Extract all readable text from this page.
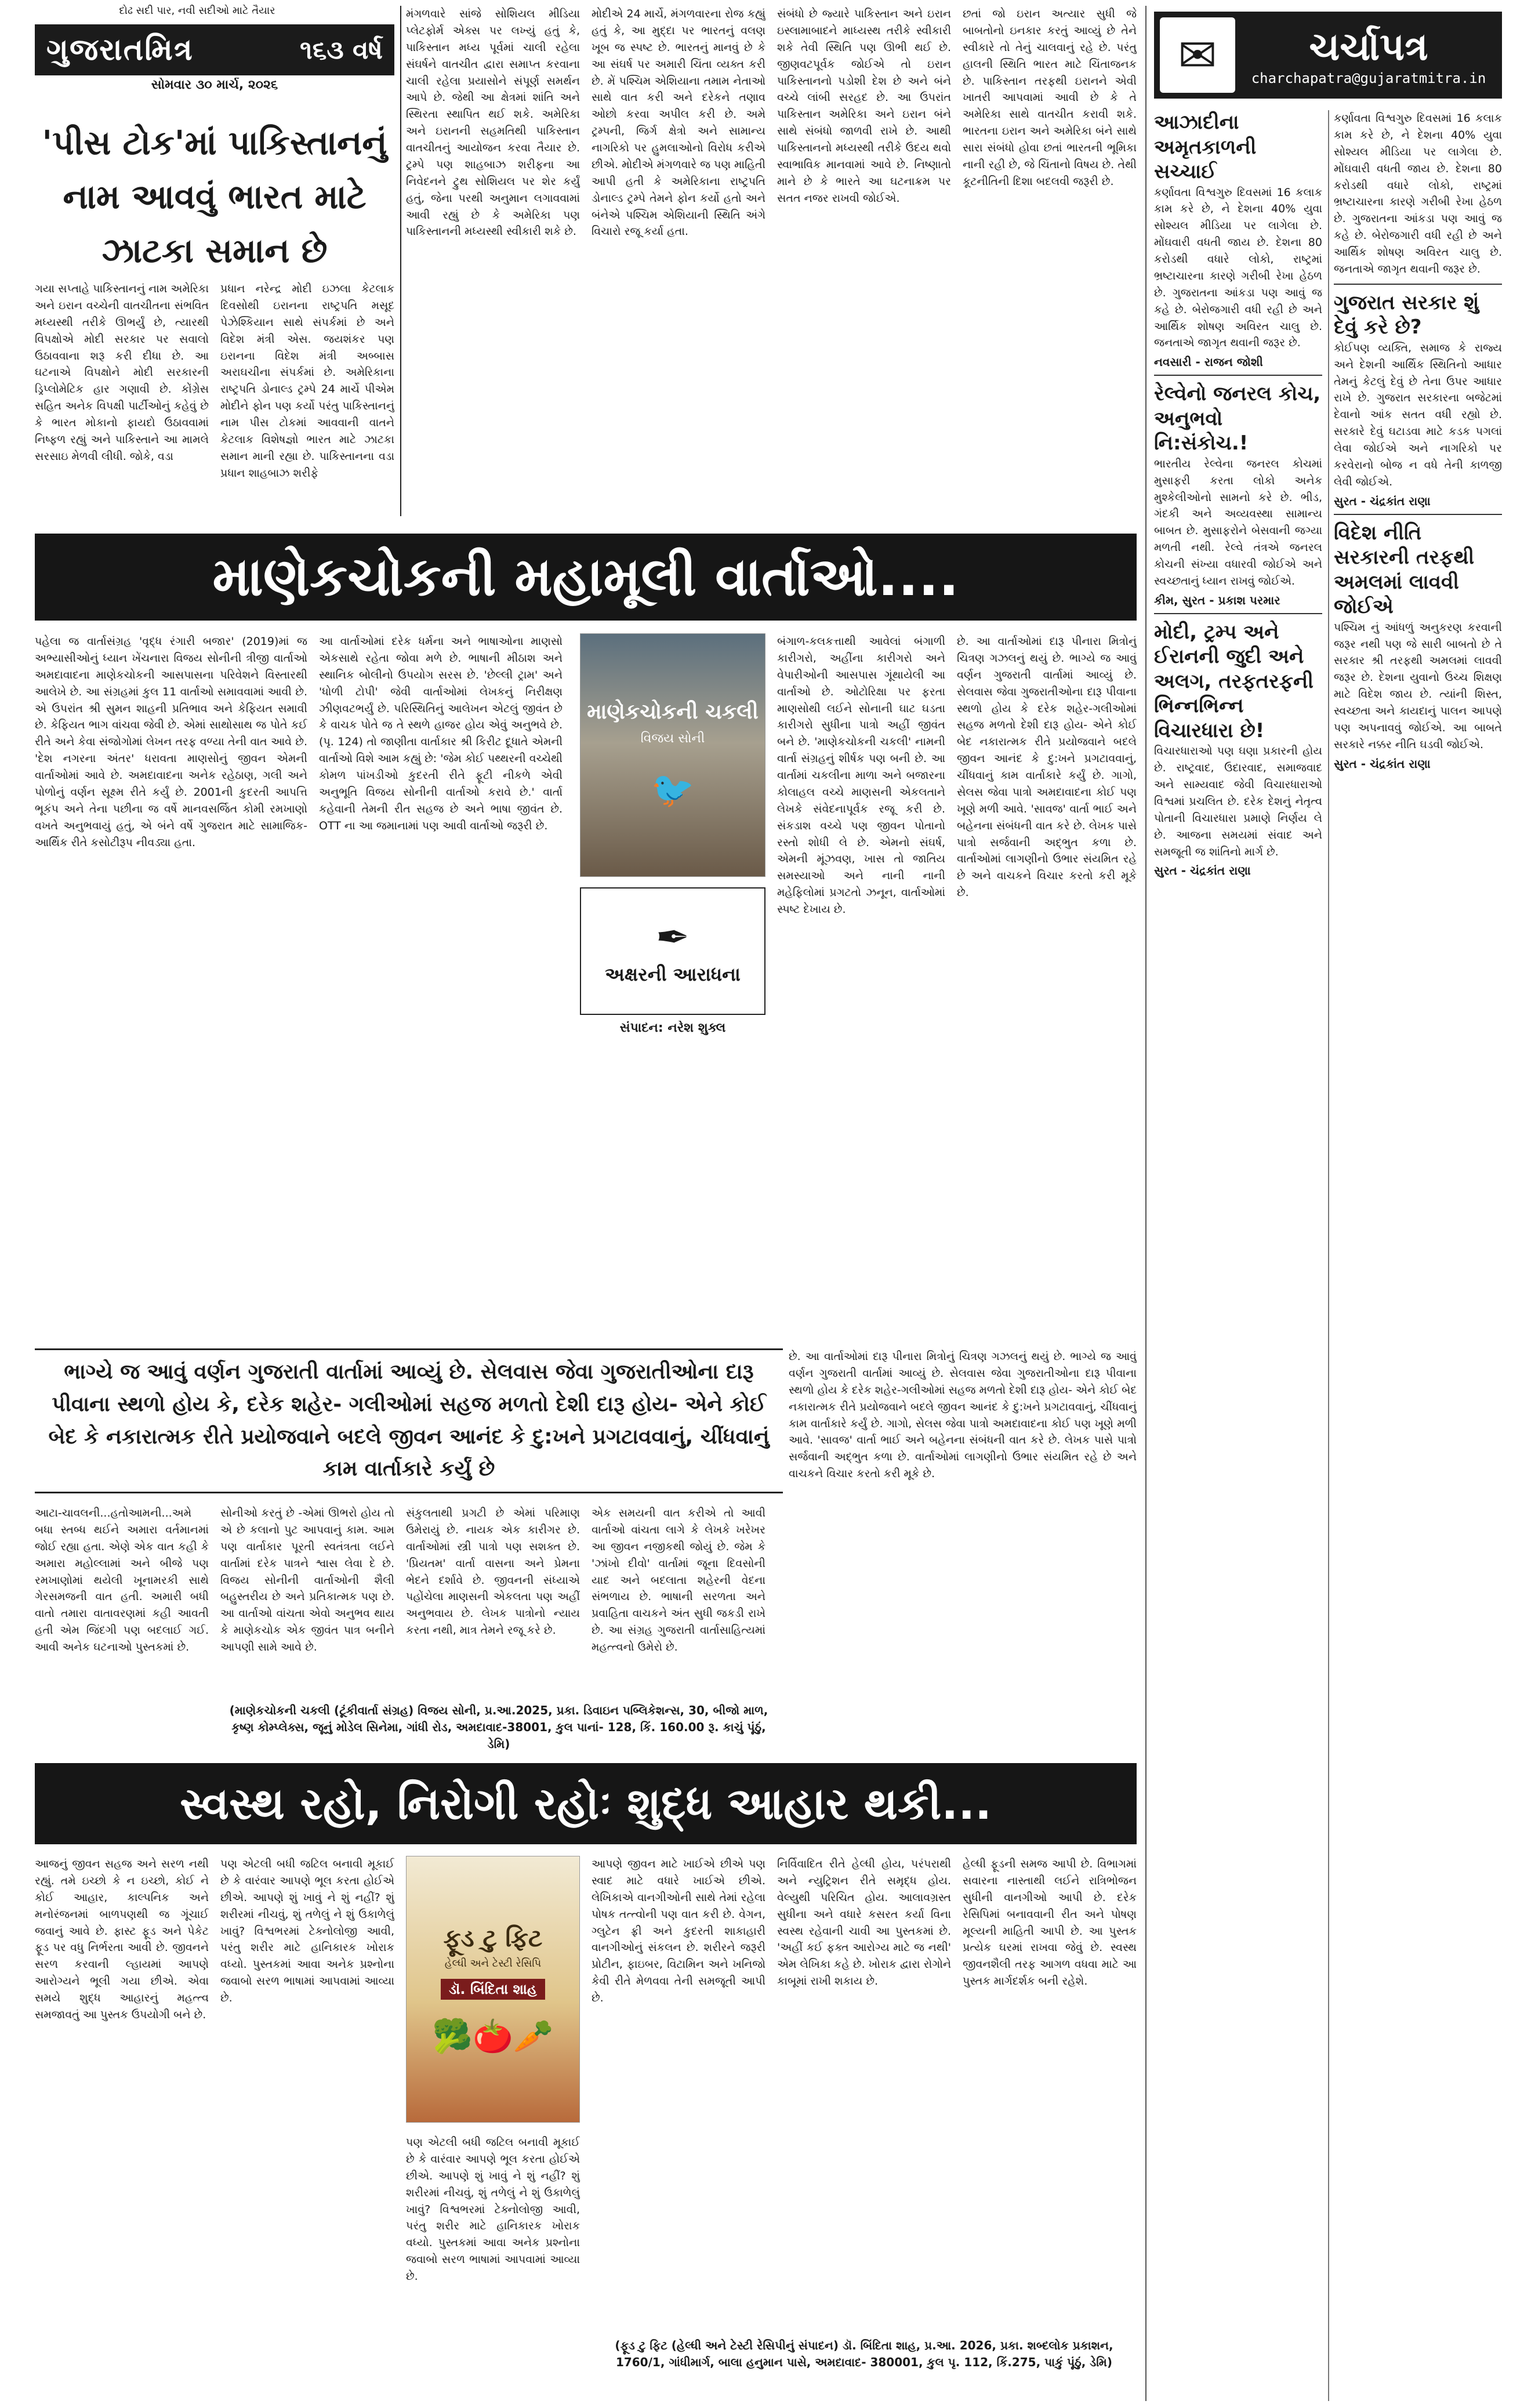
દોઢ સદી પાર, નવી સદીઓ માટે તૈયાર
ગુજરાતમિત્ર	૧૬૩ વર્ષ
સોમવાર ૩૦ માર્ચ, ૨૦૨૬
'પીસ ટોક'માં પાકિસ્તાનનું
નામ આવવું ભારત માટે
ઝાટકા સમાન છે
ગયા સપ્તાહે પાકિસ્તાનનું નામ અમેરિકા અને ઇરાન વચ્ચેની વાતચીતના સંભવિત મધ્યસ્થી તરીકે ઊભર્યું છે, ત્યારથી વિપક્ષોએ મોદી સરકાર પર સવાલો ઉઠાવવાના શરૂ કરી દીધા છે. આ ઘટનાએ વિપક્ષોને મોદી સરકારની ડ્રિપ્લોમેટિક હાર ગણાવી છે. કોંગ્રેસ સહિત અનેક વિપક્ષી પાર્ટીઓનું કહેવું છે કે ભારત મોકાનો ફાયદો ઉઠાવવામાં નિષ્ફળ રહ્યું અને પાકિસ્તાને આ મામલે સરસાઇ મેળવી લીધી. જોકે, વડા
પ્રધાન નરેન્દ્ર મોદી ઇઝલા કેટલાક દિવસોથી ઇરાનના રાષ્ટ્રપતિ મસૂદ પેઝેશ્કિયાન સાથે સંપર્કમાં છે અને વિદેશ મંત્રી એસ. જયશંકર પણ ઇરાનના વિદેશ મંત્રી અબ્બાસ અરાઘચીના સંપર્કમાં છે. અમેરિકાના રાષ્ટ્રપતિ ડોનાલ્ડ ટ્રમ્પે 24 માર્ચે પીએમ મોદીને ફોન પણ કર્યો પરંતુ પાકિસ્તાનનું નામ પીસ ટોકમાં આવવાની વાતને કેટલાક વિશેષજ્ઞો ભારત માટે ઝાટકા સમાન માની રહ્યા છે. પાકિસ્તાનના વડા પ્રધાન શાહબાઝ શરીફે
મંગળવારે સાંજે સોશિયલ મીડિયા પ્લેટફોર્મ એક્સ પર લખ્યું હતું કે, પાકિસ્તાન મધ્ય પૂર્વમાં ચાલી રહેલા સંઘર્ષને વાતચીત દ્વારા સમાપ્ત કરવાના ચાલી રહેલા પ્રયાસોને સંપૂર્ણ સમર્થન આપે છે. જેથી આ ક્ષેત્રમાં શાંતિ અને સ્થિરતા સ્થાપિત થઈ શકે. અમેરિકા અને ઇરાનની સહમતિથી પાકિસ્તાન વાતચીતનું આયોજન કરવા તૈયાર છે. ટ્રમ્પે પણ શાહબાઝ શરીફના આ નિવેદનને ટ્રુથ સોશિયલ પર શેર કર્યું હતું, જેના પરથી અનુમાન લગાવવામાં આવી રહ્યું છે કે અમેરિકા પણ પાકિસ્તાનની મધ્યસ્થી સ્વીકારી શકે છે.
મોદીએ 24 માર્ચે, મંગળવારના રોજ કહ્યું હતું કે, આ મુદ્દા પર ભારતનું વલણ ખૂબ જ સ્પષ્ટ છે. ભારતનું માનવું છે કે આ સંઘર્ષ પર અમારી ચિંતા વ્યક્ત કરી છે. મેં પશ્ચિમ એશિયાના તમામ નેતાઓ સાથે વાત કરી અને દરેકને તણાવ ઓછો કરવા અપીલ કરી છે. અમે ટ્રમ્પની, જિર્ગ ક્ષેત્રો અને સામાન્ય નાગરિકો પર હુમલાઓનો વિરોધ કરીએ છીએ. મોદીએ મંગળવારે જ પણ માહિતી આપી હતી કે અમેરિકાના રાષ્ટ્રપતિ ડોનાલ્ડ ટ્રમ્પે તેમને ફોન કર્યો હતો અને બંનેએ પશ્ચિમ એશિયાની સ્થિતિ અંગે વિચારો રજૂ કર્યા હતા.
સંબંધો છે જ્યારે પાકિસ્તાન અને ઇરાન ઇસ્લામાબાદને માધ્યસ્થ તરીકે સ્વીકારી શકે તેવી સ્થિતિ પણ ઊભી થઈ છે. જીણવટપૂર્વક જોઈએ તો ઇરાન પાકિસ્તાનનો પડોશી દેશ છે અને બંને વચ્ચે લાંબી સરહદ છે. આ ઉપરાંત પાકિસ્તાન અમેરિકા અને ઇરાન બંને સાથે સંબંધો જાળવી રાખે છે. આથી પાકિસ્તાનનો મધ્યસ્થી તરીકે ઉદય થવો સ્વાભાવિક માનવામાં આવે છે. નિષ્ણાતો માને છે કે ભારતે આ ઘટનાક્રમ પર સતત નજર રાખવી જોઈએ.
છતાં જો ઇરાન અત્યાર સુધી જે બાબતોનો ઇનકાર કરતું આવ્યું છે તેને સ્વીકારે તો તેનું ચાલવાનું રહે છે. પરંતુ હાલની સ્થિતિ ભારત માટે ચિંતાજનક છે. પાકિસ્તાન તરફથી ઇરાનને એવી ખાતરી આપવામાં આવી છે કે તે અમેરિકા સાથે વાતચીત કરાવી શકે. ભારતના ઇરાન અને અમેરિકા બંને સાથે સારા સંબંધો હોવા છતાં ભારતની ભૂમિકા નાની રહી છે, જે ચિંતાનો વિષય છે. તેથી કૂટનીતિની દિશા બદલવી જરૂરી છે.
માણેકચોકની મહામૂલી વાર્તાઓ....
પહેલા જ વાર્તાસંગ્રહ 'વૃદ્ધ રંગારી બજાર' (2019)માં જ અભ્યાસીઓનું ધ્યાન ખેંચનારા વિજય સોનીની ત્રીજી વાર્તાઓ અમદાવાદના માણેકચોકની આસપાસના પરિવેશને વિસ્તારથી આલેખે છે. આ સંગ્રહમાં કુલ 11 વાર્તાઓ સમાવવામાં આવી છે. એ ઉપરાંત શ્રી સુમન શાહની પ્રતિભાવ અને કેફિયત સમાવી છે. કેફિયત ભાગ વાંચવા જેવી છે. એમાં સાથોસાથ જ પોતે કઈ રીતે અને કેવા સંજોગોમાં લેખન તરફ વળ્યા તેની વાત આવે છે. 'દેશ નગરના અંતર' ધરાવતા માણસોનું જીવન એમની વાર્તાઓમાં આવે છે. અમદાવાદના અનેક રહેઠાણ, ગલી અને પોળોનું વર્ણન સૂક્ષ્મ રીતે કર્યું છે. 2001ની કુદરતી આપત્તિ ભૂકંપ અને તેના પછીના જ વર્ષે માનવસર્જિત કોમી રમખાણો વખતે અનુભવાયું હતું, એ બંને વર્ષે ગુજરાત માટે સામાજિક-આર્થિક રીતે કસોટીરૂપ નીવડ્યા હતા.
આ વાર્તાઓમાં દરેક ધર્મના અને ભાષાઓના માણસો એકસાથે રહેતા જોવા મળે છે. ભાષાની મીઠાશ અને સ્થાનિક બોલીનો ઉપયોગ સરસ છે. 'છેલ્લી ટ્રામ' અને 'ધોળી ટોપી' જેવી વાર્તાઓમાં લેખકનું નિરીક્ષણ ઝીણવટભર્યું છે. પરિસ્થિતિનું આલેખન એટલું જીવંત છે કે વાચક પોતે જ તે સ્થળે હાજર હોય એવું અનુભવે છે. (પૃ. 124) તો જાણીતા વાર્તાકાર શ્રી કિરીટ દૂધાતે એમની વાર્તાઓ વિશે આમ કહ્યું છે: 'જેમ કોઈ પથ્થરની વચ્ચેથી કોમળ પાંખડીઓ કુદરતી રીતે ફૂટી નીકળે એવી અનુભૂતિ વિજય સોનીની વાર્તાઓ કરાવે છે.' વાર્તા કહેવાની તેમની રીત સહજ છે અને ભાષા જીવંત છે. OTT ના આ જમાનામાં પણ આવી વાર્તાઓ જરૂરી છે.
બંગાળ-કલકત્તાથી આવેલાં બંગાળી કારીગરો, અહીંના કારીગરો અને વેપારીઓની આસપાસ ગૂંથાયેલી આ વાર્તાઓ છે. ઓટોરિક્ષા પર ફરતા માણસોથી લઈને સોનાની ઘાટ ઘડતા કારીગરો સુધીના પાત્રો અહીં જીવંત બને છે. 'માણેકચોકની ચકલી' નામની વાર્તા સંગ્રહનું શીર્ષક પણ બની છે. આ વાર્તામાં ચકલીના માળા અને બજારના કોલાહલ વચ્ચે માણસની એકલતાને લેખકે સંવેદનાપૂર્વક રજૂ કરી છે. સંકડાશ વચ્ચે પણ જીવન પોતાનો રસ્તો શોધી લે છે. એમનો સંઘર્ષ, એમની મૂંઝવણ, ખાસ તો જાતિય સમસ્યાઓ અને નાની નાની મહેફિલોમાં પ્રગટતો ઝનૂન, વાર્તાઓમાં સ્પષ્ટ દેખાય છે.
છે. આ વાર્તાઓમાં દારૂ પીનારા મિત્રોનું ચિત્રણ ગઝલનું થયું છે. ભાગ્યે જ આવું વર્ણન ગુજરાતી વાર્તામાં આવ્યું છે. સેલવાસ જેવા ગુજરાતીઓના દારૂ પીવાના સ્થળો હોય કે દરેક શહેર-ગલીઓમાં સહજ મળતો દેશી દારૂ હોય- એને કોઈ બેદ નકારાત્મક રીતે પ્રયોજવાને બદલે જીવન આનંદ કે દુ:ખને પ્રગટાવવાનું, ચીંધવાનું કામ વાર્તાકારે કર્યું છે. ગાગો, સેલસ જેવા પાત્રો અમદાવાદના કોઈ પણ ખૂણે મળી આવે. 'સાવજ' વાર્તા ભાઈ અને બહેનના સંબંધની વાત કરે છે. લેખક પાસે પાત્રો સર્જવાની અદ્ભુત કળા છે. વાર્તાઓમાં લાગણીનો ઉભાર સંયમિત રહે છે અને વાચકને વિચાર કરતો કરી મૂકે છે.
માણેકચોકની ચકલી
વિજય સોની
🐦
✒
અક્ષરની આરાધના
સંપાદન: નરેશ શુક્લ
ભાગ્યે જ આવું વર્ણન ગુજરાતી વાર્તામાં આવ્યું છે. સેલવાસ જેવા ગુજરાતીઓના દારૂ પીવાના સ્થળો હોય કે, દરેક શહેર- ગલીઓમાં સહજ મળતો દેશી દારૂ હોય- એને કોઈ બેદ કે નકારાત્મક રીતે પ્રયોજવાને બદલે જીવન આનંદ કે દુ:ખને પ્રગટાવવાનું, ચીંધવાનું કામ વાર્તાકારે કર્યું છે
આટા-ચાવલની...હતોઆમની...અમે બધા સ્તબ્ધ થઈને અમારા વર્તમાનમાં જોઈ રહ્યા હતા. એણે એક વાત કહી કે અમારા મહોલ્લામાં અને બીજે પણ રમખાણોમાં થયેલી ખૂનામરકી સાથે ગેરસમજની વાત હતી. અમારી બધી વાતો તમારા વાતાવરણમાં કહી આવતી હતી એમ જિંદગી પણ બદલાઈ ગઈ. આવી અનેક ઘટનાઓ પુસ્તકમાં છે.
સોનીઓ કરતું છે -એમાં ઊભરો હોય તો એ છે કલાનો પુટ આપવાનું કામ. આમ પણ વાર્તાકાર પૂરતી સ્વતંત્રતા લઈને વાર્તામાં દરેક પાત્રને શ્વાસ લેવા દે છે. વિજય સોનીની વાર્તાઓની શૈલી બહુસ્તરીય છે અને પ્રતિકાત્મક પણ છે. આ વાર્તાઓ વાંચતા એવો અનુભવ થાય કે માણેકચોક એક જીવંત પાત્ર બનીને આપણી સામે આવે છે.
સંકુલતાથી પ્રગટી છે એમાં પરિમાણ ઉમેરાયું છે. નાયક એક કારીગર છે. વાર્તાઓમાં સ્ત્રી પાત્રો પણ સશક્ત છે. 'પ્રિયતમ' વાર્તા વાસના અને પ્રેમના ભેદને દર્શાવે છે. જીવનની સંધ્યાએ પહોંચેલા માણસની એકલતા પણ અહીં અનુભવાય છે. લેખક પાત્રોનો ન્યાય કરતા નથી, માત્ર તેમને રજૂ કરે છે.
એક સમયની વાત કરીએ તો આવી વાર્તાઓ વાંચતા લાગે કે લેખકે ખરેખર આ જીવન નજીકથી જોયું છે. જેમ કે 'ઝાંખો દીવો' વાર્તામાં જૂના દિવસોની યાદ અને બદલાતા શહેરની વેદના સંભળાય છે. ભાષાની સરળતા અને પ્રવાહિતા વાચકને અંત સુધી જકડી રાખે છે. આ સંગ્રહ ગુજરાતી વાર્તાસાહિત્યમાં મહત્ત્વનો ઉમેરો છે.
છે. આ વાર્તાઓમાં દારૂ પીનારા મિત્રોનું ચિત્રણ ગઝલનું થયું છે. ભાગ્યે જ આવું વર્ણન ગુજરાતી વાર્તામાં આવ્યું છે. સેલવાસ જેવા ગુજરાતીઓના દારૂ પીવાના સ્થળો હોય કે દરેક શહેર-ગલીઓમાં સહજ મળતો દેશી દારૂ હોય- એને કોઈ બેદ નકારાત્મક રીતે પ્રયોજવાને બદલે જીવન આનંદ કે દુ:ખને પ્રગટાવવાનું, ચીંધવાનું કામ વાર્તાકારે કર્યું છે. ગાગો, સેલસ જેવા પાત્રો અમદાવાદના કોઈ પણ ખૂણે મળી આવે. 'સાવજ' વાર્તા ભાઈ અને બહેનના સંબંધની વાત કરે છે. લેખક પાસે પાત્રો સર્જવાની અદ્ભુત કળા છે. વાર્તાઓમાં લાગણીનો ઉભાર સંયમિત રહે છે અને વાચકને વિચાર કરતો કરી મૂકે છે.
(માણેકચોકની ચકલી (ટૂંકીવાર્તા સંગ્રહ) વિજય સોની, પ્ર.આ.2025, પ્રકા. ડિવાઇન પબ્લિકેશન્સ, 30, બીજો માળ, કૃષ્ણ કોમ્પ્લેક્સ, જૂનું મોડેલ સિનેમા, ગાંધી રોડ, અમદાવાદ-38001, કુલ પાનાં- 128, કિં. 160.00 રૂ. કાચું પૂંઠું, ડેમિ)
સ્વસ્થ રહો, નિરોગી રહોઃ શુદ્ધ આહાર થકી...
આજનું જીવન સહજ અને સરળ નથી રહ્યું. તમે ઇચ્છો કે ન ઇચ્છો, કોઈ ને કોઈ આહાર, કાલ્પનિક અને મનોરંજનમાં બાળપણથી જ ગૂંચાઈ જવાનું આવે છે. ફાસ્ટ ફૂડ અને પેકેટ ફૂડ પર વધુ નિર્ભરતા આવી છે. જીવનને સરળ કરવાની લ્હાયમાં આપણે આરોગ્યને ભૂલી ગયા છીએ. એવા સમયે શુદ્ધ આહારનું મહત્ત્વ સમજાવતું આ પુસ્તક ઉપયોગી બને છે.
પણ એટલી બધી જટિલ બનાવી મૂકાઈ છે કે વારંવાર આપણે ભૂલ કરતા હોઈએ છીએ. આપણે શું ખાવું ને શું નહીં? શું શરીરમાં નીચવું, શું તળેલું ને શું ઉકાળેલું ખાવું? વિશ્વભરમાં ટેક્નોલોજી આવી, પરંતુ શરીર માટે હાનિકારક ખોરાક વધ્યો. પુસ્તકમાં આવા અનેક પ્રશ્નોના જવાબો સરળ ભાષામાં આપવામાં આવ્યા છે.
ફૂડ ટુ ફિટ
હેલ્ધી અને ટેસ્ટી રેસિપિ
ડૉ. બિંદિતા શાહ
🥦🍅🥕
આપણે જીવન માટે ખાઈએ છીએ પણ સ્વાદ માટે વધારે ખાઈએ છીએ. લેખિકાએ વાનગીઓની સાથે તેમાં રહેલા પોષક તત્ત્વોની પણ વાત કરી છે. વેગન, ગ્લુટેન ફ્રી અને કુદરતી શાકાહારી વાનગીઓનું સંકલન છે. શરીરને જરૂરી પ્રોટીન, ફાઇબર, વિટામિન અને ખનિજો કેવી રીતે મેળવવા તેની સમજૂતી આપી છે.
નિર્વિવાદિત રીતે હેલ્ધી હોય, પરંપરાથી અને ન્યુટ્રિશન રીતે સમૃદ્ધ હોય. વેલ્યુથી પરિચિત હોય. આલાવગ્રસ્ત સુધીના અને વધારે કસરત કર્યા વિના સ્વસ્થ રહેવાની ચાવી આ પુસ્તકમાં છે. 'અહીં કઈ ફક્ત આરોગ્ય માટે જ નથી' એમ લેખિકા કહે છે. ખોરાક દ્વારા રોગોને કાબૂમાં રાખી શકાય છે.
હેલ્ધી ફૂડની સમજ આપી છે. વિભાગમાં સવારના નાસ્તાથી લઈને રાત્રિભોજન સુધીની વાનગીઓ આપી છે. દરેક રેસિપિમાં બનાવવાની રીત અને પોષણ મૂલ્યની માહિતી આપી છે. આ પુસ્તક પ્રત્યેક ઘરમાં રાખવા જેવું છે. સ્વસ્થ જીવનશૈલી તરફ આગળ વધવા માટે આ પુસ્તક માર્ગદર્શક બની રહેશે.
પણ એટલી બધી જટિલ બનાવી મૂકાઈ છે કે વારંવાર આપણે ભૂલ કરતા હોઈએ છીએ. આપણે શું ખાવું ને શું નહીં? શું શરીરમાં નીચવું, શું તળેલું ને શું ઉકાળેલું ખાવું? વિશ્વભરમાં ટેક્નોલોજી આવી, પરંતુ શરીર માટે હાનિકારક ખોરાક વધ્યો. પુસ્તકમાં આવા અનેક પ્રશ્નોના જવાબો સરળ ભાષામાં આપવામાં આવ્યા છે.
(ફૂડ ટુ ફિટ (હેલ્ધી અને ટેસ્ટી રેસિપીનું સંપાદન) ડૉ. બિંદિતા શાહ, પ્ર.આ. 2026, પ્રકા. શબ્દલોક પ્રકાશન, 1760/1, ગાંધીમાર્ગ, બાલા હનુમાન પાસે, અમદાવાદ- 380001, કુલ પૃ. 112, કિં.275, પાકું પૂંઠું, ડેમિ)
✉	ચર્ચાપત્ર
charchapatra@gujaratmitra.in
આઝાદીના અમૃતકાળની સચ્ચાઈ
કર્ણાવતા વિશ્વગુરુ દિવસમાં 16 કલાક કામ કરે છે, ને દેશના 40% યુવા સોશ્યલ મીડિયા પર લાગેલા છે. મોંઘવારી વધતી જાય છે. દેશના 80 કરોડથી વધારે લોકો, રાષ્ટ્રમાં ભ્રષ્ટાચારના કારણે ગરીબી રેખા હેઠળ છે. ગુજરાતના આંકડા પણ આવું જ કહે છે. બેરોજગારી વધી રહી છે અને આર્થિક શોષણ અવિરત ચાલુ છે. જનતાએ જાગૃત થવાની જરૂર છે.
નવસારી - રાજન જોશી
રેલ્વેનો જનરલ કોચ, અનુભવો નિ:સંકોચ.!
ભારતીય રેલ્વેના જનરલ કોચમાં મુસાફરી કરતા લોકો અનેક મુશ્કેલીઓનો સામનો કરે છે. ભીડ, ગંદકી અને અવ્યવસ્થા સામાન્ય બાબત છે. મુસાફરોને બેસવાની જગ્યા મળતી નથી. રેલ્વે તંત્રએ જનરલ કોચની સંખ્યા વધારવી જોઈએ અને સ્વચ્છતાનું ધ્યાન રાખવું જોઈએ.
કીમ, સુરત - પ્રકાશ પરમાર
મોદી, ટ્રમ્પ અને ઈરાનની જુદી અને અલગ, તરફતરફની ભિન્નભિન્ન વિચારધારા છે!
વિચારધારાઓ પણ ઘણા પ્રકારની હોય છે. રાષ્ટ્રવાદ, ઉદારવાદ, સમાજવાદ અને સામ્યવાદ જેવી વિચારધારાઓ વિશ્વમાં પ્રચલિત છે. દરેક દેશનું નેતૃત્વ પોતાની વિચારધારા પ્રમાણે નિર્ણય લે છે. આજના સમયમાં સંવાદ અને સમજૂતી જ શાંતિનો માર્ગ છે.
સુરત - ચંદ્રકાંત રાણા
કર્ણાવતા વિશ્વગુરુ દિવસમાં 16 કલાક કામ કરે છે, ને દેશના 40% યુવા સોશ્યલ મીડિયા પર લાગેલા છે. મોંઘવારી વધતી જાય છે. દેશના 80 કરોડથી વધારે લોકો, રાષ્ટ્રમાં ભ્રષ્ટાચારના કારણે ગરીબી રેખા હેઠળ છે. ગુજરાતના આંકડા પણ આવું જ કહે છે. બેરોજગારી વધી રહી છે અને આર્થિક શોષણ અવિરત ચાલુ છે. જનતાએ જાગૃત થવાની જરૂર છે.
ગુજરાત સરકાર શું દેવું કરે છે?
કોઈપણ વ્યક્તિ, સમાજ કે રાજ્ય અને દેશની આર્થિક સ્થિતિનો આધાર તેમનું કેટલું દેવું છે તેના ઉપર આધાર રાખે છે. ગુજરાત સરકારના બજેટમાં દેવાનો આંક સતત વધી રહ્યો છે. સરકારે દેવું ઘટાડવા માટે કડક પગલાં લેવા જોઈએ અને નાગરિકો પર કરવેરાનો બોજ ન વધે તેની કાળજી લેવી જોઈએ.
સુરત - ચંદ્રકાંત રાણા
વિદેશ નીતિ સરકારની તરફથી અમલમાં લાવવી જોઈએ
પશ્ચિમ નું આંધળું અનુકરણ કરવાની જરૂર નથી પણ જે સારી બાબતો છે તે સરકાર શ્રી તરફથી અમલમાં લાવવી જરૂર છે. દેશના યુવાનો ઉચ્ચ શિક્ષણ માટે વિદેશ જાય છે. ત્યાંની શિસ્ત, સ્વચ્છતા અને કાયદાનું પાલન આપણે પણ અપનાવવું જોઈએ. આ બાબતે સરકારે નક્કર નીતિ ઘડવી જોઈએ.
સુરત - ચંદ્રકાંત રાણા
